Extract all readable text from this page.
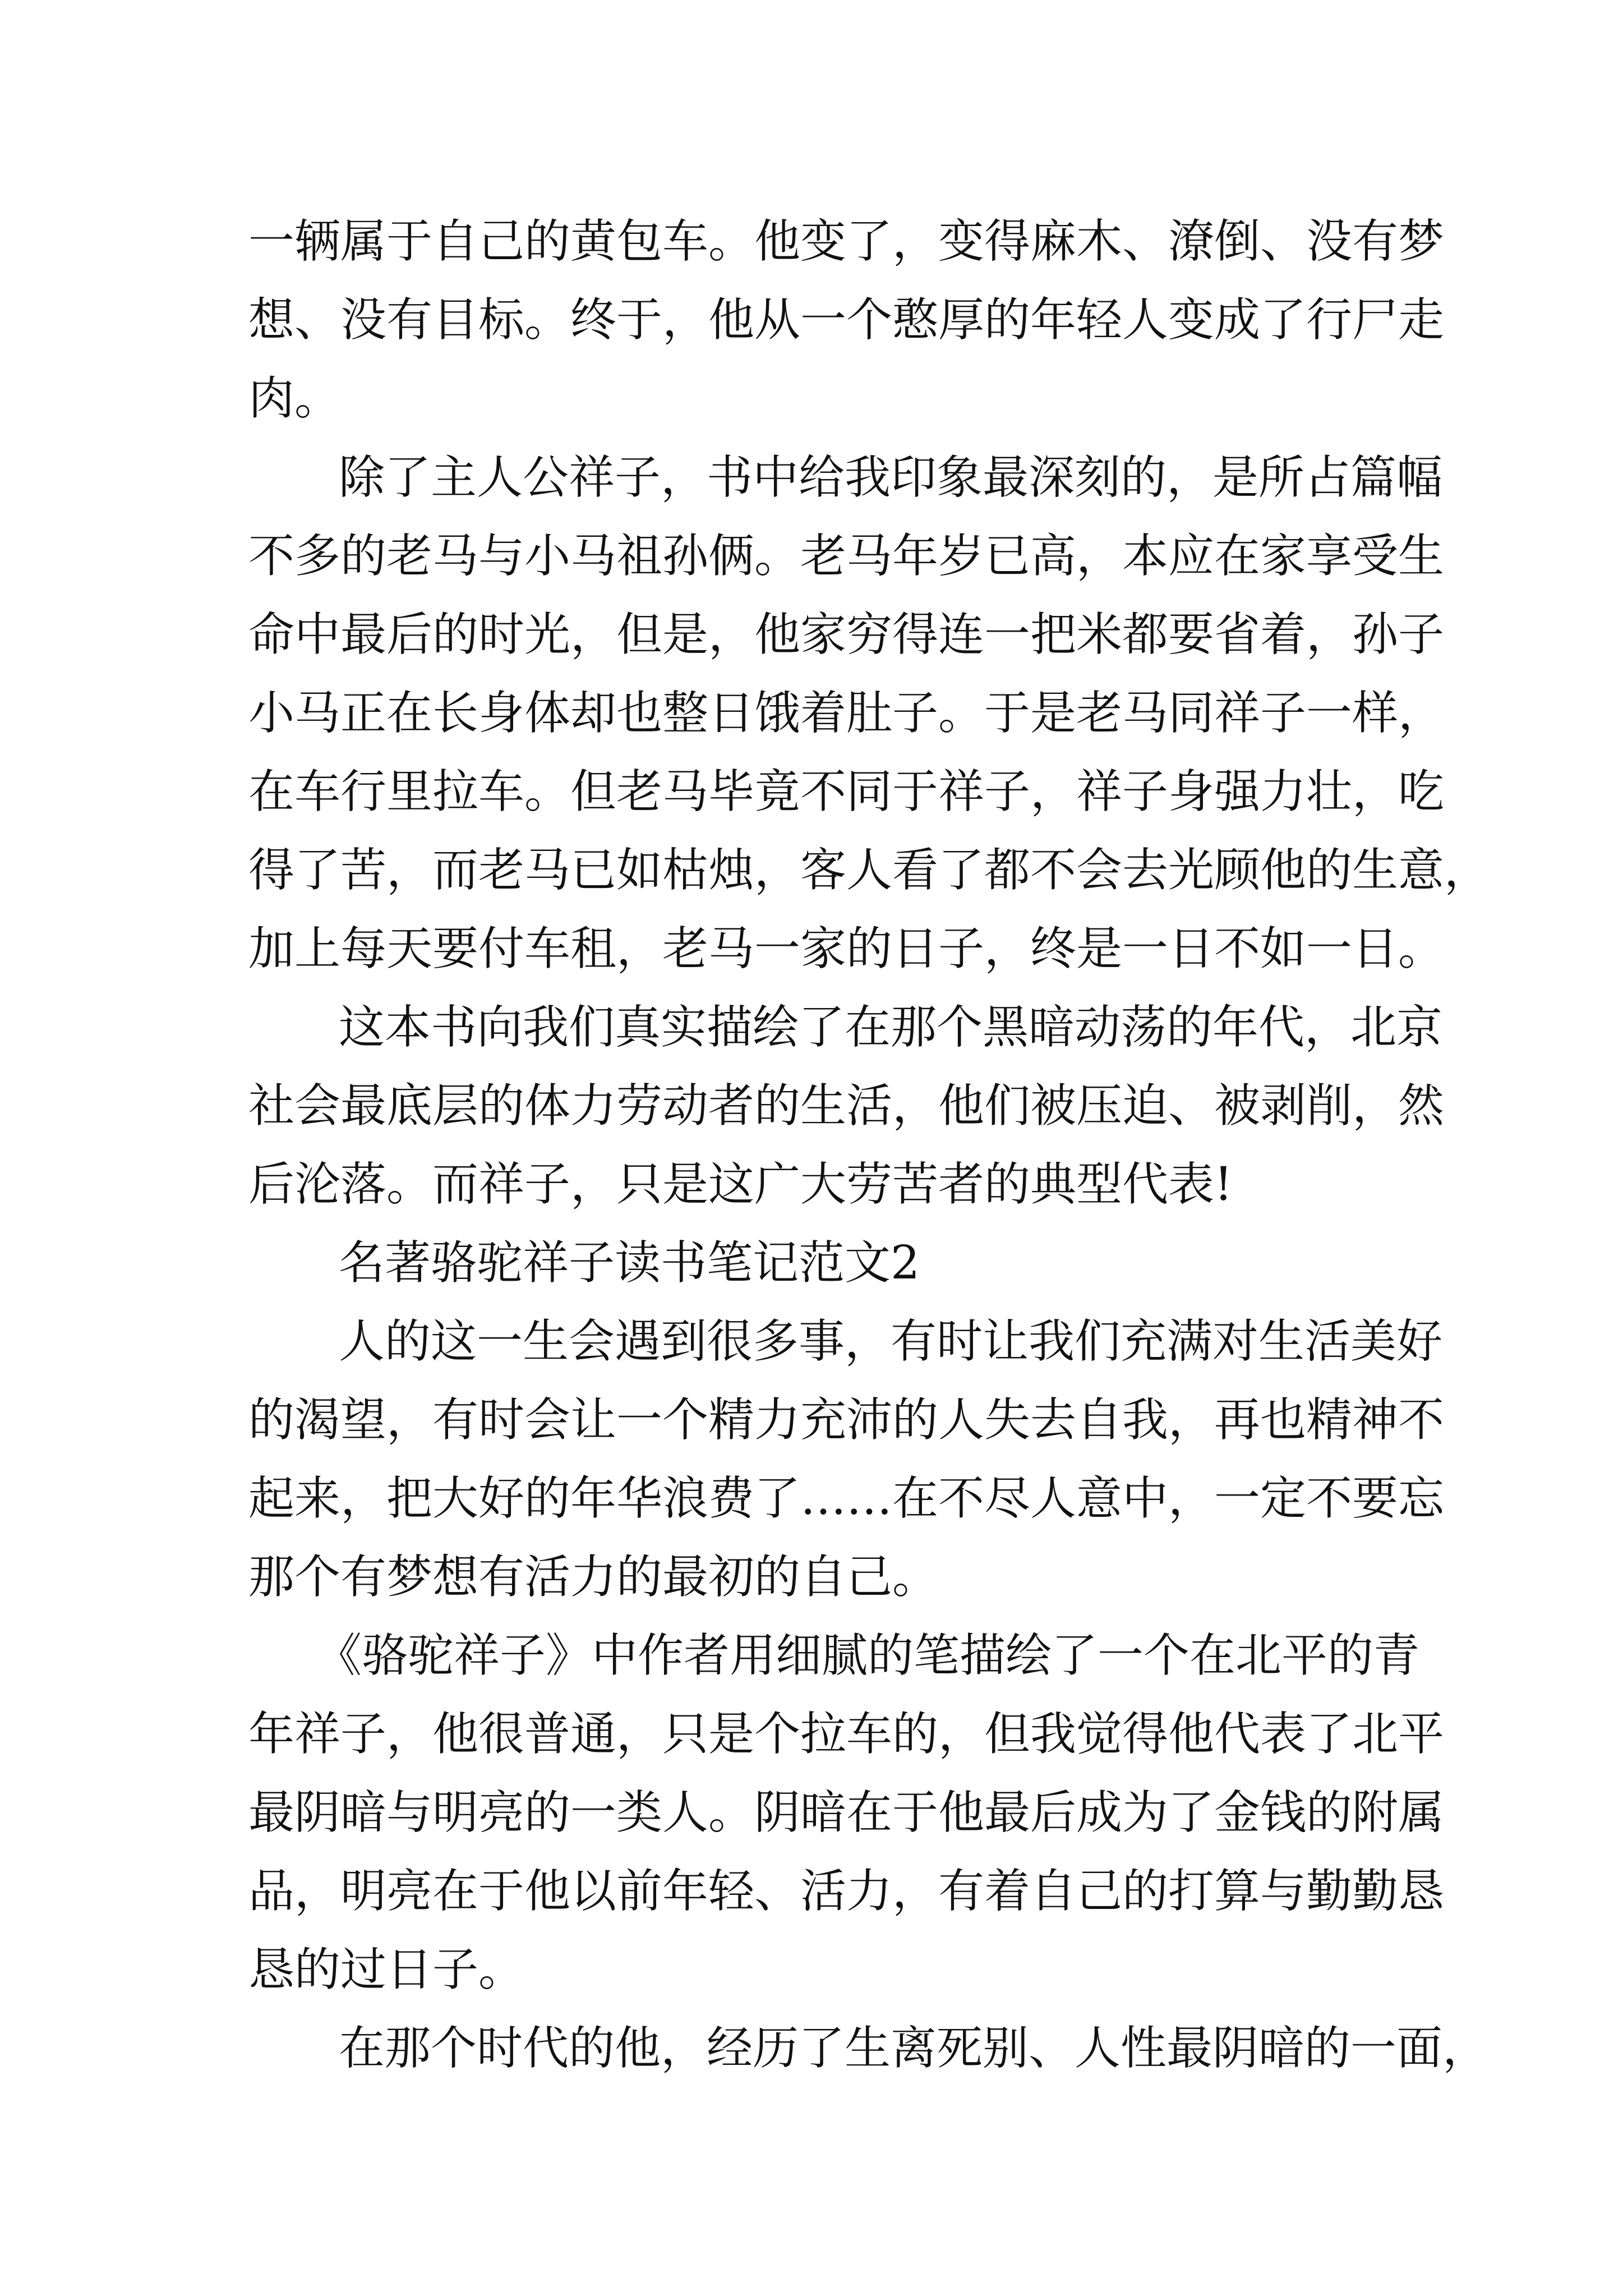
一辆属于自己的黄包车。他变了，变得麻木、潦倒、没有梦
想、没有目标。终于，他从一个憨厚的年轻人变成了行尸走
肉。
除了主人公祥子，书中给我印象最深刻的，是所占篇幅
不多的老马与小马祖孙俩。老马年岁已高，本应在家享受生
命中最后的时光，但是，他家穷得连一把米都要省着，孙子
小马正在长身体却也整日饿着肚子。于是老马同祥子一样，
在车行里拉车。但老马毕竟不同于祥子，祥子身强力壮，吃
得了苦，而老马已如枯烛，客人看了都不会去光顾他的生意，
加上每天要付车租，老马一家的日子，终是一日不如一日。
这本书向我们真实描绘了在那个黑暗动荡的年代，北京
社会最底层的体力劳动者的生活，他们被压迫、被剥削，然
后沦落。而祥子，只是这广大劳苦者的典型代表!
名著骆驼祥子读书笔记范文2
人的这一生会遇到很多事，有时让我们充满对生活美好
的渴望，有时会让一个精力充沛的人失去自我，再也精神不
起来，把大好的年华浪费了……在不尽人意中，一定不要忘
那个有梦想有活力的最初的自己。
《骆驼祥子》中作者用细腻的笔描绘了一个在北平的青
年祥子，他很普通，只是个拉车的，但我觉得他代表了北平
最阴暗与明亮的一类人。阴暗在于他最后成为了金钱的附属
品，明亮在于他以前年轻、活力，有着自己的打算与勤勤恳
恳的过日子。
在那个时代的他，经历了生离死别、人性最阴暗的一面，
